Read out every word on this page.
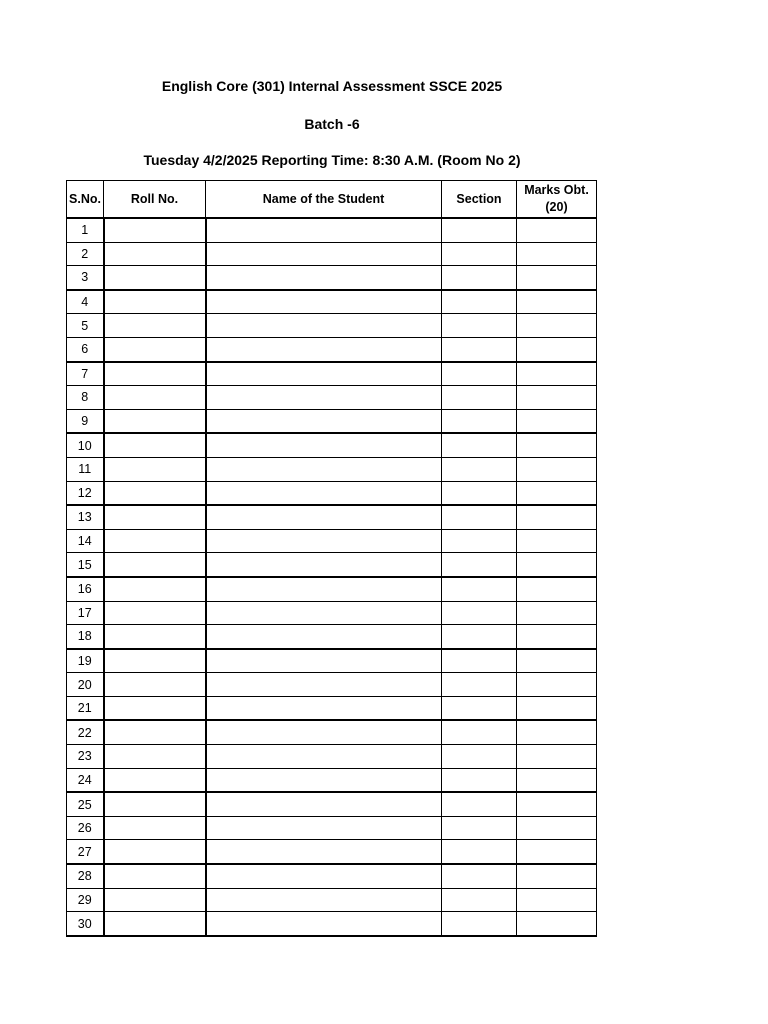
English Core (301) Internal Assessment SSCE 2025
Batch -6
Tuesday 4/2/2025 Reporting Time: 8:30 A.M. (Room No 2)
S.No.	Roll No.	Name of the Student	Section	Marks Obt.
(20)
1				
2				
3				
4				
5				
6				
7				
8				
9				
10				
11				
12				
13				
14				
15				
16				
17				
18				
19				
20				
21				
22				
23				
24				
25				
26				
27				
28				
29				
30				
